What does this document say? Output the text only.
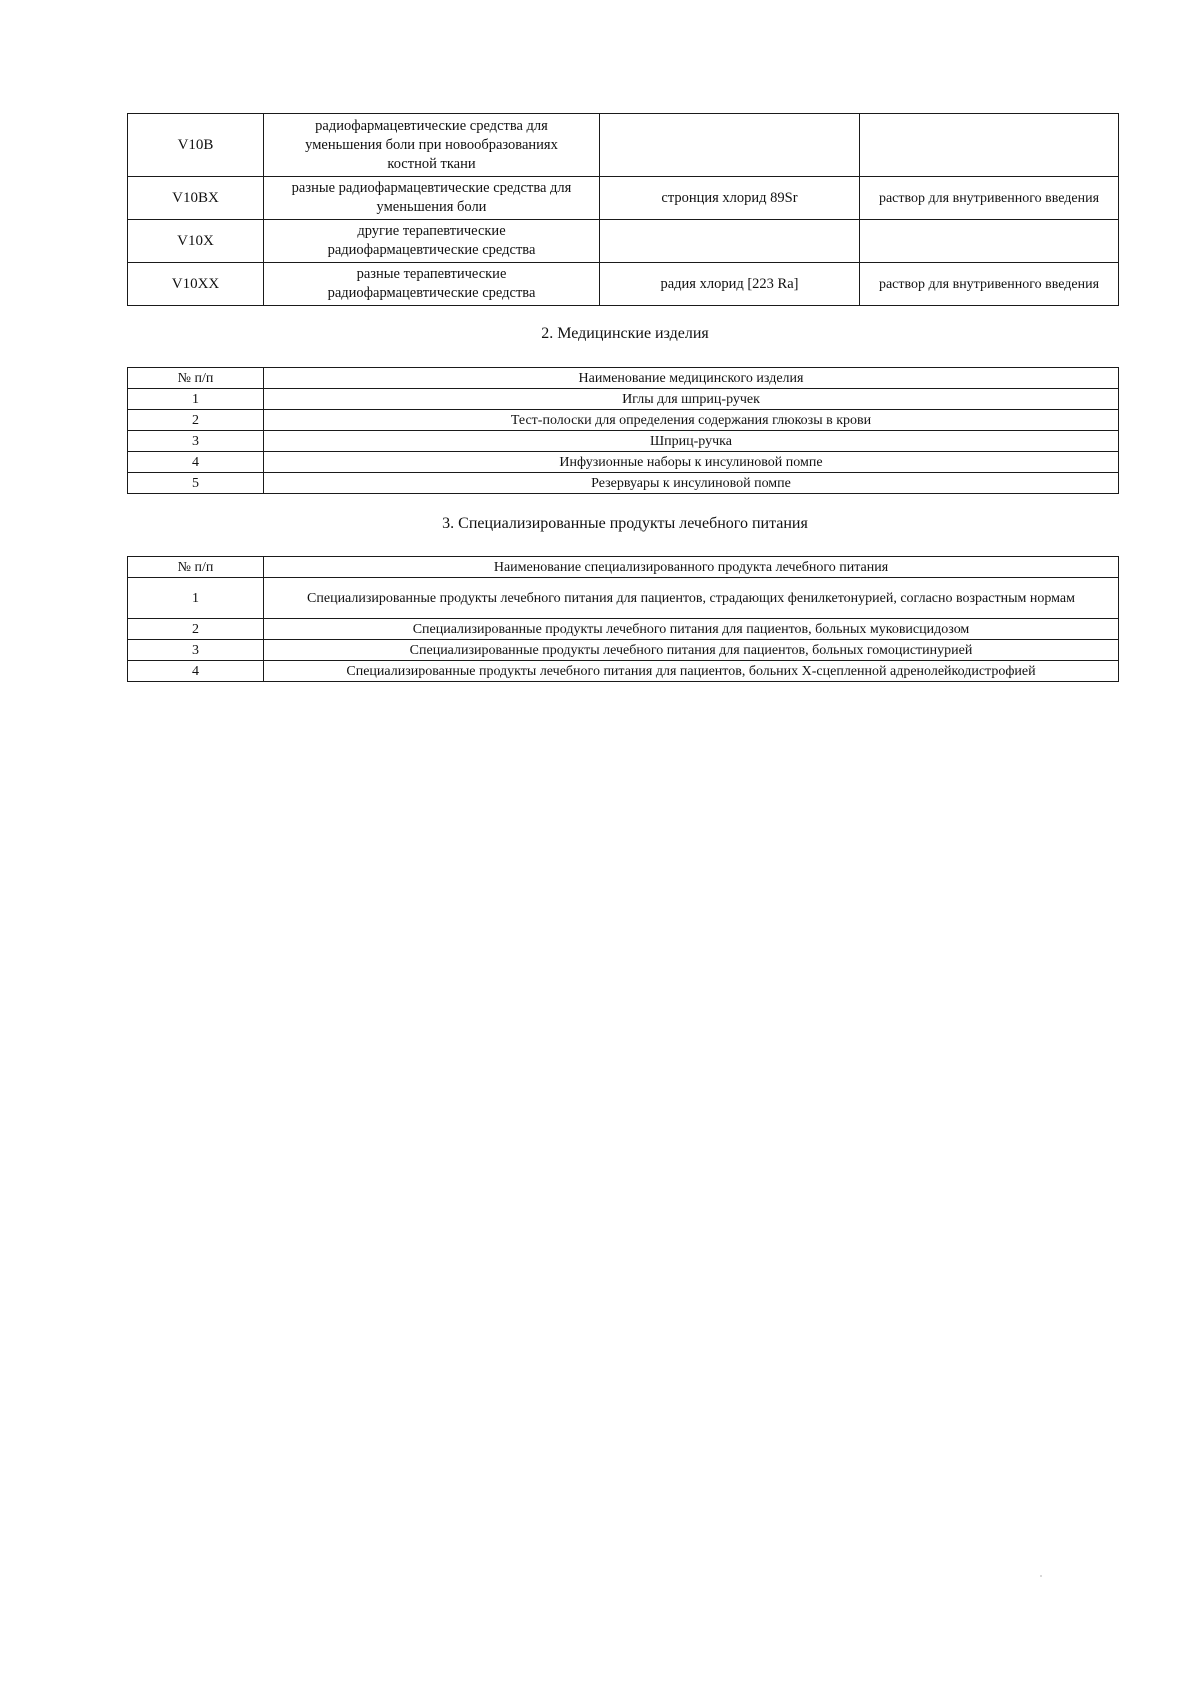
V10B	радиофармацевтические средства для уменьшения боли при новообразованиях костной ткани		
V10BX	разные радиофармацевтические средства для уменьшения боли	стронция хлорид 89Sr	раствор для внутривенного введения
V10X	другие терапевтические радиофармацевтические средства		
V10XX	разные терапевтические радиофармацевтические средства	радия хлорид [223 Ra]	раствор для внутривенного введения
2. Медицинские изделия
№ п/п	Наименование медицинского изделия
1	Иглы для шприц-ручек
2	Тест-полоски для определения содержания глюкозы в крови
3	Шприц-ручка
4	Инфузионные наборы к инсулиновой помпе
5	Резервуары к инсулиновой помпе
3. Специализированные продукты лечебного питания
№ п/п	Наименование специализированного продукта лечебного питания
1	Специализированные продукты лечебного питания для пациентов, страдающих фенилкетонурией, согласно возрастным нормам
2	Специализированные продукты лечебного питания для пациентов, больных муковисцидозом
3	Специализированные продукты лечебного питания для пациентов, больных гомоцистинурией
4	Специализированные продукты лечебного питания для пациентов, больних Х-сцепленной адренолейкодистрофией
